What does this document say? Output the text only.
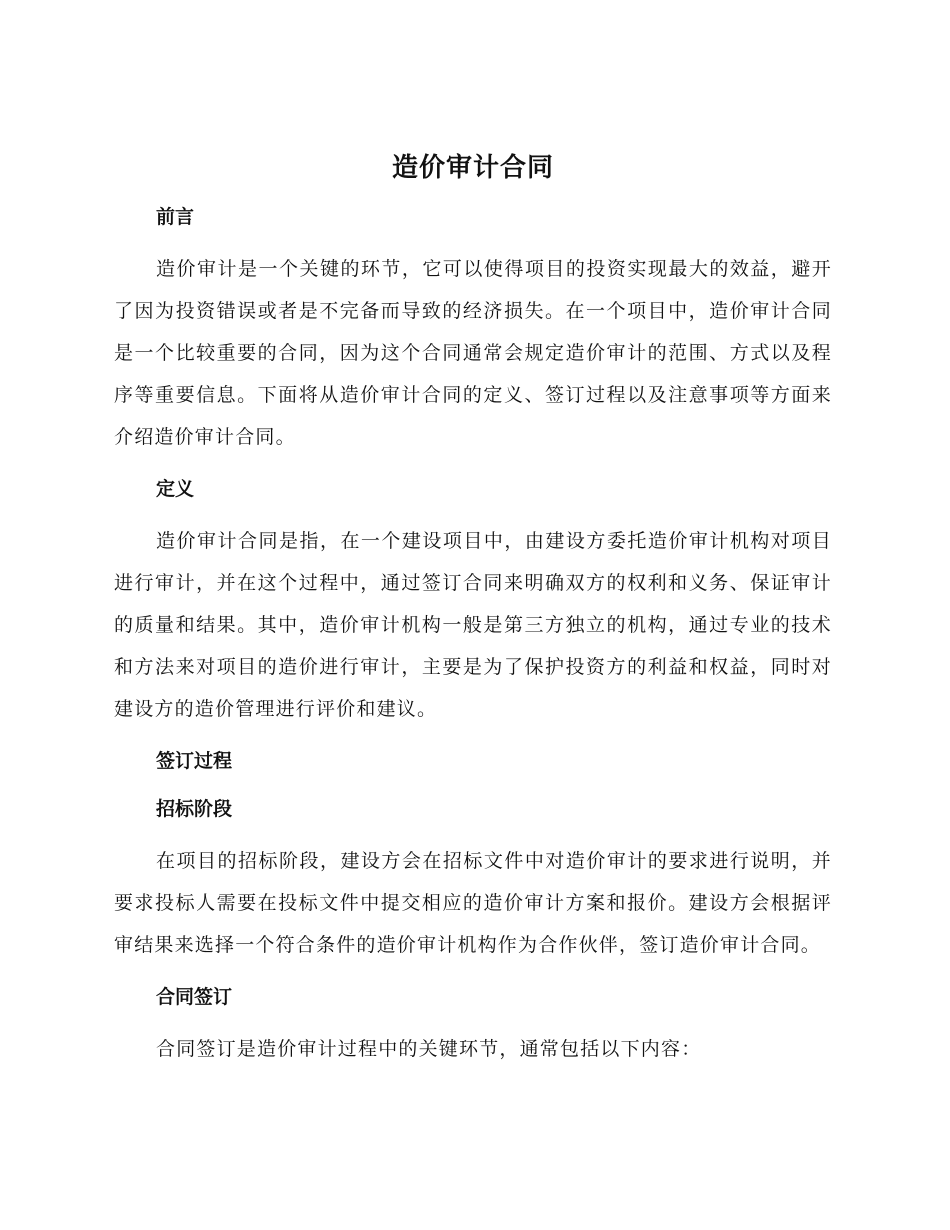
造价审计合同
前言

造价审计是一个关键的环节，它可以使得项目的投资实现最大的效益，避开了因为投资错误或者是不完备而导致的经济损失。在一个项目中，造价审计合同是一个比较重要的合同，因为这个合同通常会规定造价审计的范围、方式以及程序等重要信息。下面将从造价审计合同的定义、签订过程以及注意事项等方面来介绍造价审计合同。

定义

造价审计合同是指，在一个建设项目中，由建设方委托造价审计机构对项目进行审计，并在这个过程中，通过签订合同来明确双方的权利和义务、保证审计的质量和结果。其中，造价审计机构一般是第三方独立的机构，通过专业的技术和方法来对项目的造价进行审计，主要是为了保护投资方的利益和权益，同时对建设方的造价管理进行评价和建议。

签订过程
招标阶段

在项目的招标阶段，建设方会在招标文件中对造价审计的要求进行说明，并要求投标人需要在投标文件中提交相应的造价审计方案和报价。建设方会根据评审结果来选择一个符合条件的造价审计机构作为合作伙伴，签订造价审计合同。

合同签订

合同签订是造价审计过程中的关键环节，通常包括以下内容：
